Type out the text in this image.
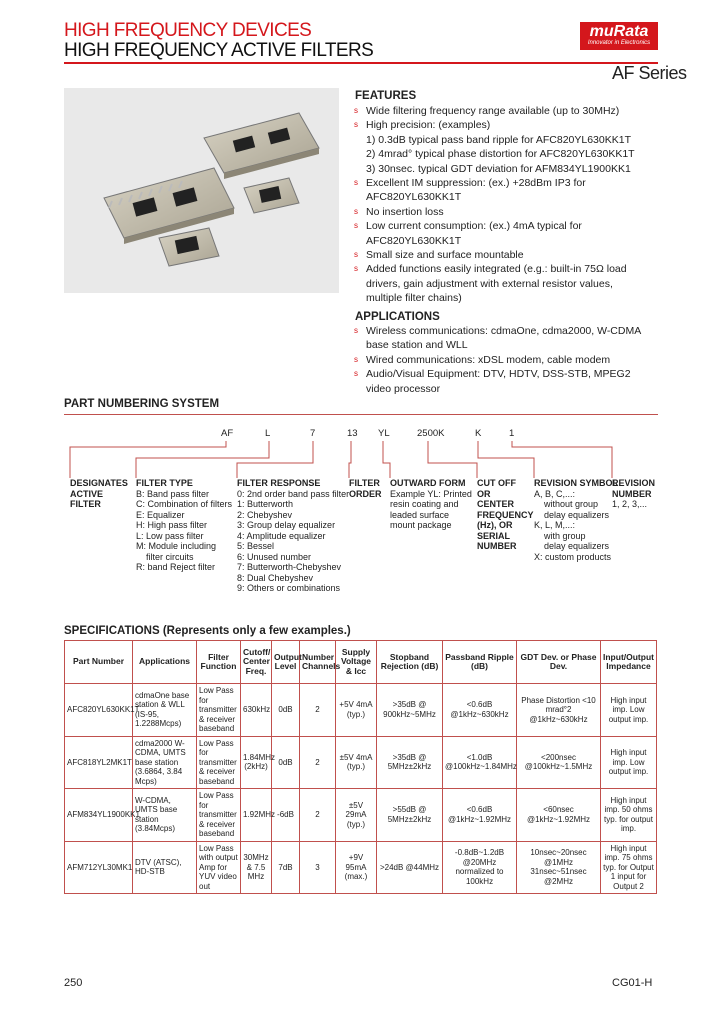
HIGH FREQUENCY DEVICES
HIGH FREQUENCY ACTIVE FILTERS
muRata
Innovator in Electronics
AF Series
FEATURES
s Wide filtering frequency range available (up to 30MHz)
s High precision: (examples)
1) 0.3dB typical pass band ripple for AFC820YL630KK1T
2) 4mrad° typical phase distortion for AFC820YL630KK1T
3) 30nsec. typical GDT deviation for AFM834YL1900KK1
s Excellent IM suppression: (ex.) +28dBm IP3 for
AFC820YL630KK1T
s No insertion loss
s Low current consumption: (ex.) 4mA typical for
AFC820YL630KK1T
s Small size and surface mountable
s Added functions easily integrated (e.g.: built-in 75Ω load
drivers, gain adjustment with external resistor values,
multiple filter chains)
APPLICATIONS
s Wireless communications: cdmaOne, cdma2000, W-CDMA
base station and WLL
s Wired communications: xDSL modem, cable modem
s Audio/Visual Equipment: DTV, HDTV, DSS-STB, MPEG2
video processor
PART NUMBERING SYSTEM
AF	L	7	13 YL	2500K	K	1
DESIGNATES ACTIVE FILTER
FILTER TYPE
B: Band pass filter
C: Combination of filters
E: Equalizer
H: High pass filter
L: Low pass filter
M: Module including
filter circuits
R: band Reject filter
FILTER RESPONSE
0: 2nd order band pass filter
1: Butterworth
2: Chebyshev
3: Group delay equalizer
4: Amplitude equalizer
5: Bessel
6: Unused number
7: Butterworth-Chebyshev
8: Dual Chebyshev
9: Others or combinations
FILTER ORDER
OUTWARD FORM
Example YL: Printed
resin coating and
leaded surface
mount package
CUT OFF OR CENTER FREQUENCY (Hz), OR SERIAL NUMBER
REVISION SYMBOL
A, B, C,...:
without group
delay equalizers
K, L, M,...:
with group
delay equalizers
X: custom products
REVISION NUMBER
1, 2, 3,...
SPECIFICATIONS (Represents only a few examples.)
Part Number	Applications	Filter Function	Cutoff/ Center Freq.	Output Level	Number Channels	Supply Voltage & Icc	Stopband Rejection (dB)	Passband Ripple (dB)	GDT Dev. or Phase Dev.	Input/Output Impedance
AFC820YL630KK1T	cdmaOne base station & WLL (IS-95, 1.2288Mcps)	Low Pass for transmitter & receiver baseband	630kHz	0dB	2	+5V 4mA (typ.)	>35dB @ 900kHz~5MHz	<0.6dB @1kHz~630kHz	Phase Distortion <10 mrad°2 @1kHz~630kHz	High input imp. Low output imp.
AFC818YL2MK1T	cdma2000 W-CDMA, UMTS base station (3.6864, 3.84 Mcps)	Low Pass for transmitter & receiver baseband	1.84MHz (2kHz)	0dB	2	±5V 4mA (typ.)	>35dB @ 5MHz±2kHz	<1.0dB @100kHz~1.84MHz	<200nsec @100kHz~1.5MHz	High input imp. Low output imp.
AFM834YL1900KK1	W-CDMA, UMTS base station (3.84Mcps)	Low Pass for transmitter & receiver baseband	1.92MHz	-6dB	2	±5V 29mA (typ.)	>55dB @ 5MHz±2kHz	<0.6dB @1kHz~1.92MHz	<60nsec @1kHz~1.92MHz	High input imp. 50 ohms typ. for output imp.
AFM712YL30MK1	DTV (ATSC), HD-STB	Low Pass with output Amp for YUV video out	30MHz & 7.5 MHz	7dB	3	+9V 95mA (max.)	>24dB @44MHz	-0.8dB~1.2dB @20MHz normalized to 100kHz	10nsec~20nsec @1MHz 31nsec~51nsec @2MHz	High input imp. 75 ohms typ. for Output 1 input for Output 2
250	CG01-H
